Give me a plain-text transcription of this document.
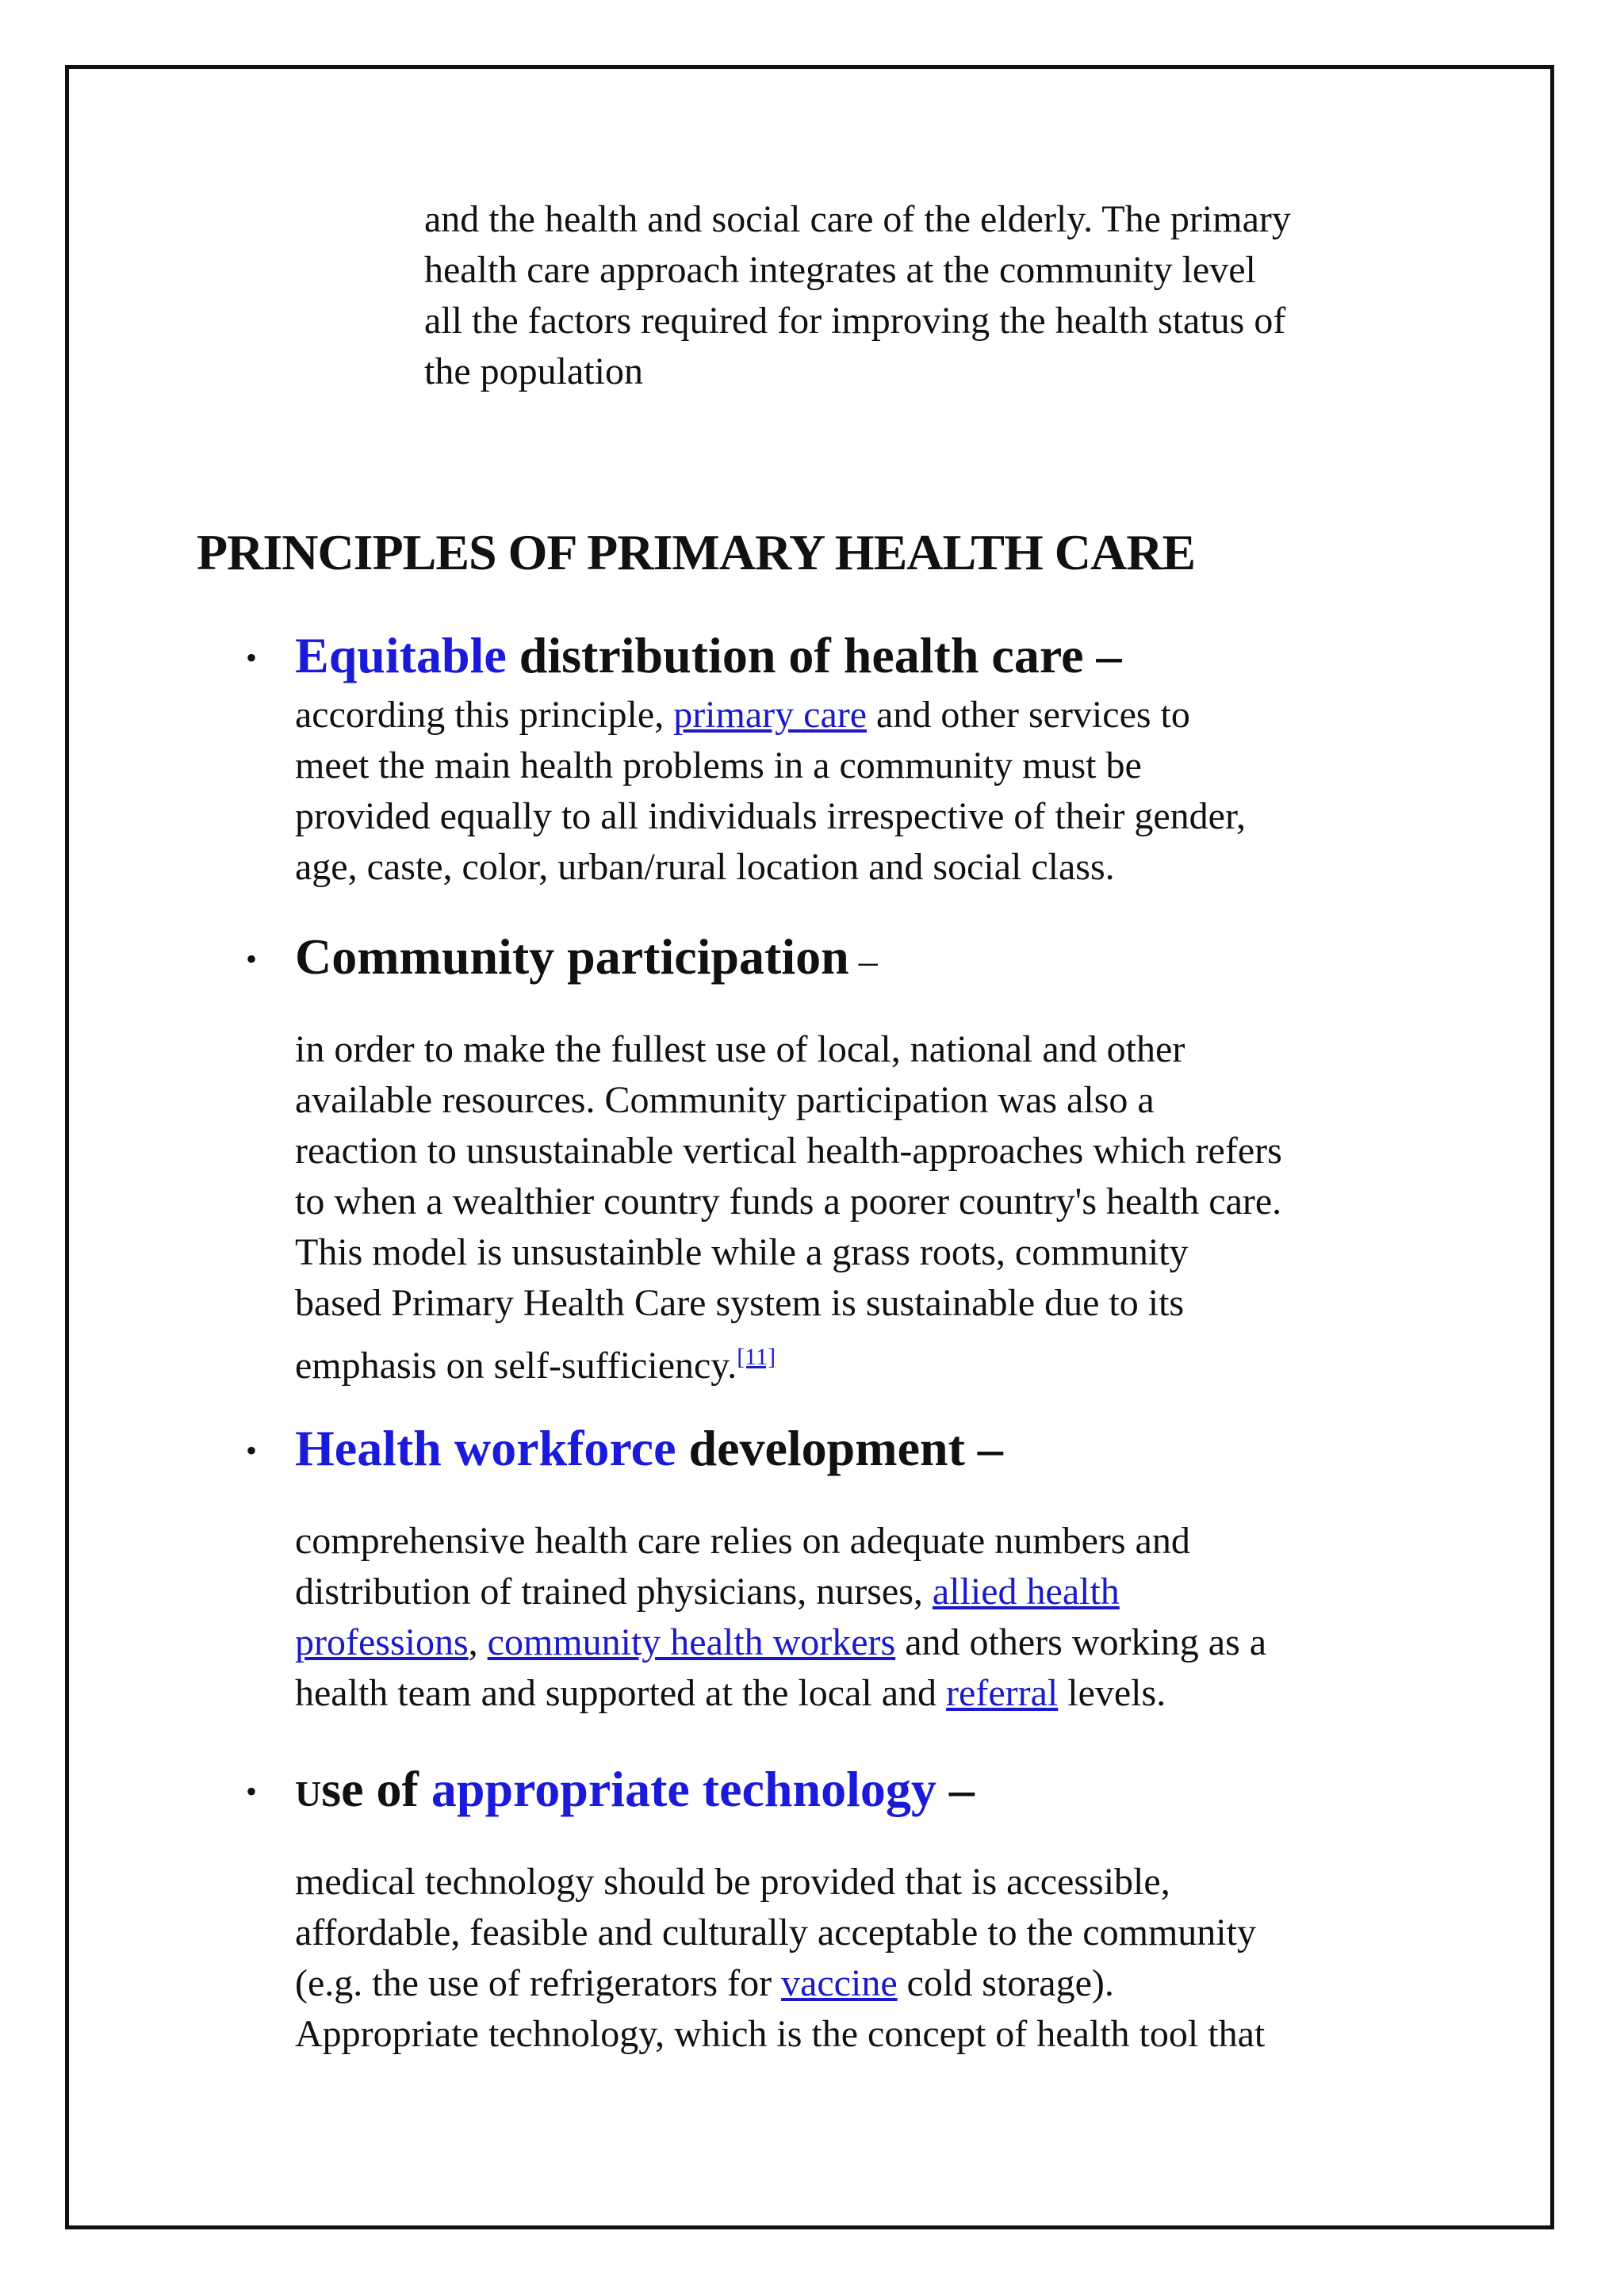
and the health and social care of the elderly. The primary
health care approach integrates at the community level
all the factors required for improving the health status of
the population
PRINCIPLES OF PRIMARY HEALTH CARE
• Equitable distribution of health care –
according this principle, primary care and other services to
meet the main health problems in a community must be
provided equally to all individuals irrespective of their gender,
age, caste, color, urban/rural location and social class.
• Community participation –
in order to make the fullest use of local, national and other
available resources. Community participation was also a
reaction to unsustainable vertical health-approaches which refers
to when a wealthier country funds a poorer country's health care.
This model is unsustainble while a grass roots, community
based Primary Health Care system is sustainable due to its
emphasis on self-sufficiency.[11]
• Health workforce development –
comprehensive health care relies on adequate numbers and
distribution of trained physicians, nurses, allied health
professions, community health workers and others working as a
health team and supported at the local and referral levels.
• Use of appropriate technology –
medical technology should be provided that is accessible,
affordable, feasible and culturally acceptable to the community
(e.g. the use of refrigerators for vaccine cold storage).
Appropriate technology, which is the concept of health tool that
